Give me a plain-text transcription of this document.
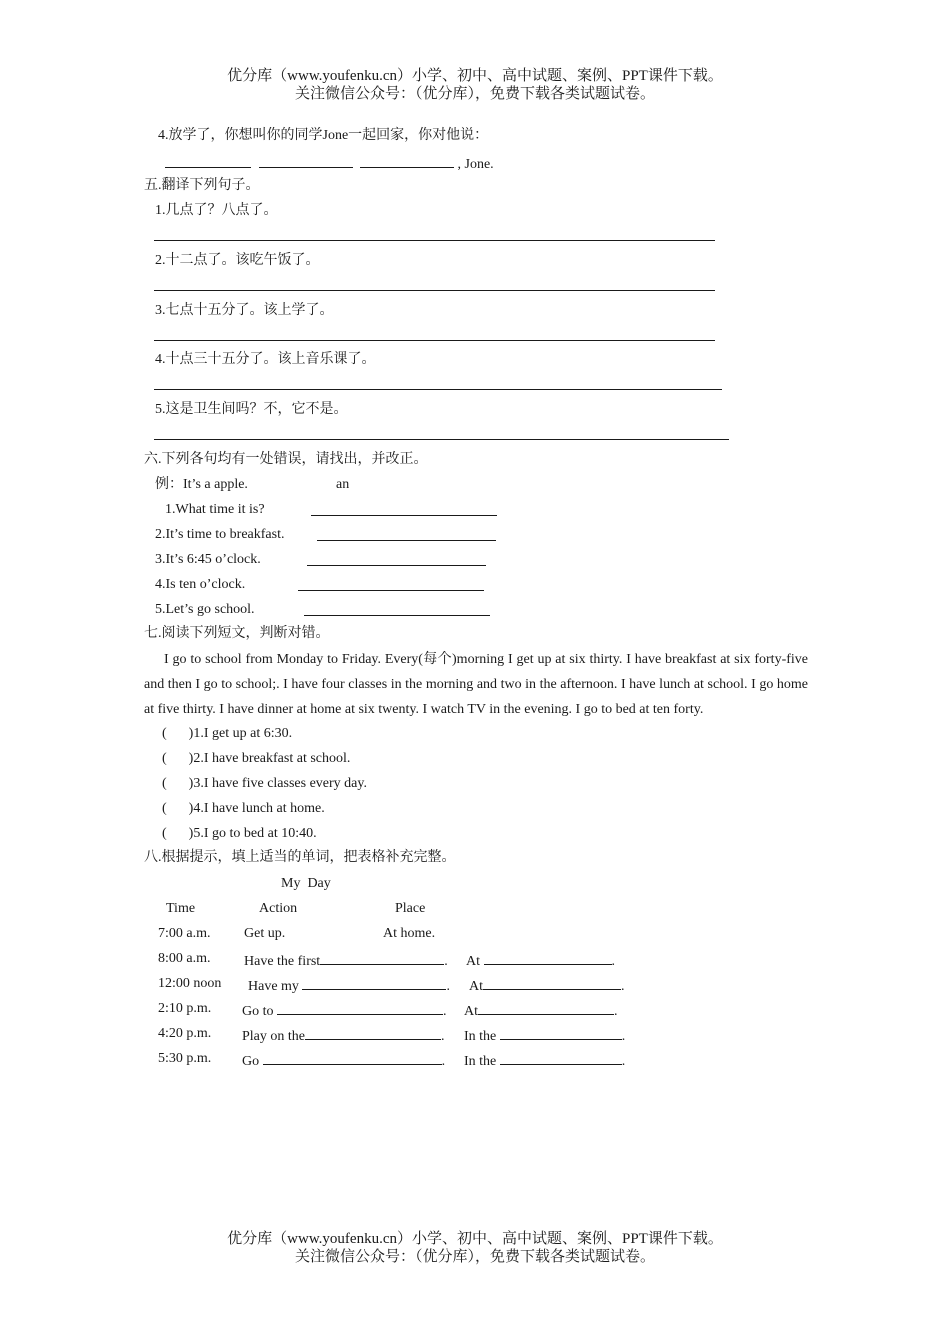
优分库（www.youfenku.cn）小学、初中、高中试题、案例、PPT课件下载。
关注微信公众号：（优分库），免费下载各类试题试卷。
4.放学了，你想叫你的同学Jone一起回家，你对他说：
, Jone.
五.翻译下列句子。
1.几点了？八点了。
2.十二点了。该吃午饭了。
3.七点十五分了。该上学了。
4.十点三十五分了。该上音乐课了。
5.这是卫生间吗？不，它不是。
六.下列各句均有一处错误，请找出，并改正。
例：It’s a apple.	an
1.What time it is?
2.It’s time to breakfast.
3.It’s 6:45 o’clock.
4.Is ten o’clock.
5.Let’s go school.
七.阅读下列短文，判断对错。
I go to school from Monday to Friday. Every(每个)morning I get up at six thirty. I have breakfast at six forty-five and then I go to school;. I have four classes in the morning and two in the afternoon. I have lunch at school. I go home at five thirty. I have dinner at home at six twenty. I watch TV in the evening. I go to bed at ten forty.
( )1.I get up at 6:30.
( )2.I have breakfast at school.
( )3.I have five classes every day.
( )4.I have lunch at home.
( )5.I go to bed at 10:40.
八.根据提示，填上适当的单词，把表格补充完整。
My  Day
Time	Action	Place
7:00 a.m. Get up.	At home.
8:00 a.m. Have the first	. At	.
12:00 noon Have my	. At	.
2:10 p.m. Go to	. At	.
4:20 p.m. Play on the	. In the	.
5:30 p.m. Go	. In the	.
优分库（www.youfenku.cn）小学、初中、高中试题、案例、PPT课件下载。
关注微信公众号：（优分库），免费下载各类试题试卷。
